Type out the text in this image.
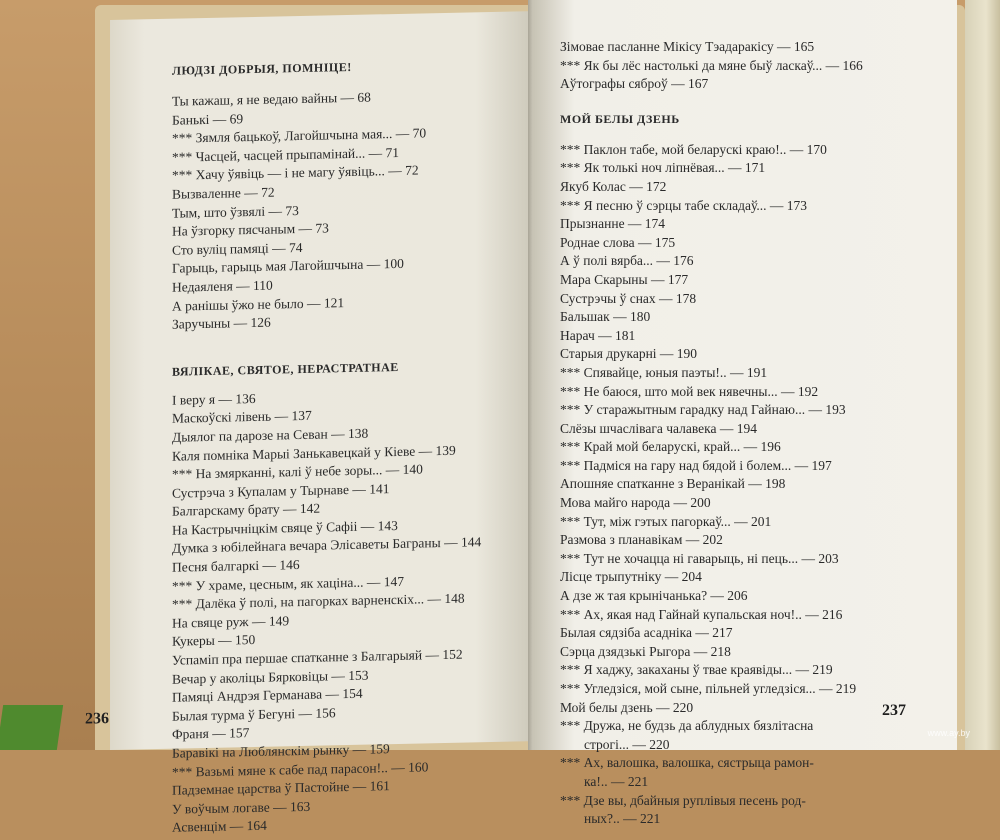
ЛЮДЗІ ДОБРЫЯ, ПОМНІЦЕ!
Ты кажаш, я не ведаю вайны — 68
Банькі — 69
*** Зямля бацькоў, Лагойшчына мая... — 70
*** Часцей, часцей прыпамінай... — 71
*** Хачу ўявіць — і не магу ўявіць... — 72
Вызваленне — 72
Тым, што ўзвялі — 73
На ўзгорку пясчаным — 73
Сто вуліц памяці — 74
Гарыць, гарыць мая Лагойшчына — 100
Недаяленя — 110
А ранішы ўжо не было — 121
Заручыны — 126
ВЯЛІКАЕ, СВЯТОЕ, НЕРАСТРАТНАЕ
І веру я — 136
Маскоўскі лівень — 137
Дыялог па дарозе на Севан — 138
Каля помніка Марыі Занькавецкай у Кіеве — 139
*** На змярканні, калі ў небе зоры... — 140
Сустрэча з Купалам у Тырнаве — 141
Балгарскаму брату — 142
На Кастрычніцкім свяце ў Сафіі — 143
Думка з юбілейнага вечара Элісаветы Баграны — 144
Песня балгаркі — 146
*** У храме, цесным, як хаціна... — 147
*** Далёка ў полі, на пагорках варненскіх... — 148
На свяце руж — 149
Кукеры — 150
Успаміп пра першае спатканне з Балгарыяй — 152
Вечар у аколіцы Бярковіцы — 153
Памяці Андрэя Германава — 154
Былая турма ў Бегуні — 156
Франя — 157
Баравікі на Люблянскім рынку — 159
*** Вазьмі мяне к сабе пад парасон!.. — 160
Падземнае царства ў Пастойне — 161
У воўчым логаве — 163
Асвенцім — 164
236
Зімовае пасланне Мікісу Тэадаракісу — 165
*** Як бы лёс настолькі да мяне быў ласкаў... — 166
Аўтографы сяброў — 167
МОЙ БЕЛЫ ДЗЕНЬ
*** Паклон табе, мой беларускі краю!.. — 170
*** Як толькі ноч ліпнёвая... — 171
Якуб Колас — 172
*** Я песню ў сэрцы табе складаў... — 173
Прызнанне — 174
Роднае слова — 175
А ў полі вярба... — 176
Мара Скарыны — 177
Сустрэчы ў снах — 178
Бальшак — 180
Нарач — 181
Старыя друкарні — 190
*** Спявайце, юныя паэты!.. — 191
*** Не баюся, што мой век нявечны... — 192
*** У старажытным гарадку над Гайнаю... — 193
Слёзы шчаслівага чалавека — 194
*** Край мой беларускі, край... — 196
*** Падміся на гару над бядой і болем... — 197
Апошняе спатканне з Веранікай — 198
Мова майго народа — 200
*** Тут, між гэтых пагоркаў... — 201
Размова з планавікам — 202
*** Тут не хочацца ні гаварыць, ні пець... — 203
Лісце трыпутніку — 204
А дзе ж тая крынічанька? — 206
*** Ах, якая над Гайнай купальская ноч!.. — 216
Былая сядзіба асадніка — 217
Сэрца дзядзькі Рыгора — 218
*** Я хаджу, закаханы ў твае краявіды... — 219
*** Угледзіся, мой сыне, пільней угледзіся... — 219
Мой белы дзень — 220
*** Дружа, не будзь да аблудных бязлітасна
строгі... — 220
*** Ах, валошка, валошка, сястрыца рамон-
ка!.. — 221
*** Дзе вы, дбайныя руплівыя песень род-
ных?.. — 221
237
www.ay.by
